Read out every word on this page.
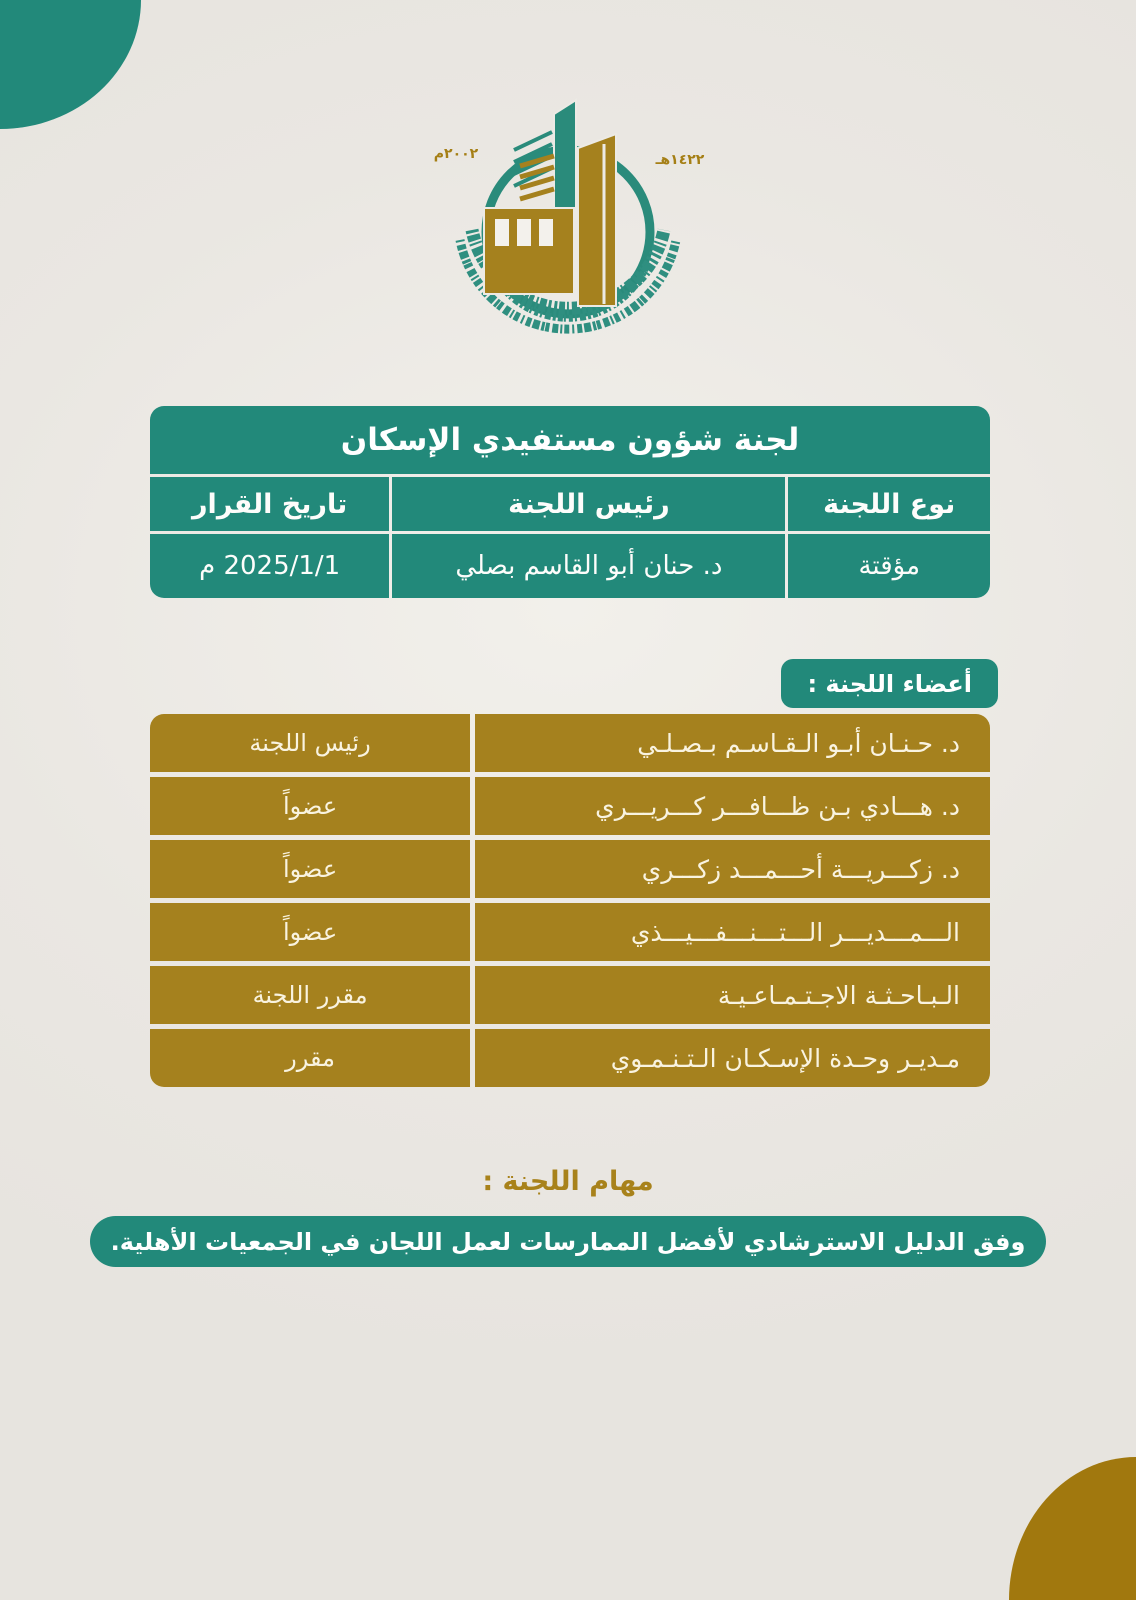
٢٠٠٢م	١٤٢٢هـ
لجنة شؤون مستفيدي الإسكان
نوع اللجنة
رئيس اللجنة
تاريخ القرار
مؤقتة
د. حنان أبو القاسم بصلي
2025/1/1 م
أعضاء اللجنة :
د. حـنـان أبـو الـقـاسـم بـصـلـي
رئيس اللجنة
د. هـــادي بـن ظـــافـــر كـــريـــري
عضواً
د. زكـــريـــة أحـــمـــد زكـــري
عضواً
الـــمـــديـــر الـــتـــنـــفـــيـــذي
عضواً
الـبـاحـثـة الاجـتـمـاعـيـة
مقرر اللجنة
مـديـر وحـدة الإسـكـان الـتـنـمـوي
مقرر
مهام اللجنة :
وفق الدليل الاسترشادي لأفضل الممارسات لعمل اللجان في الجمعيات الأهلية.
